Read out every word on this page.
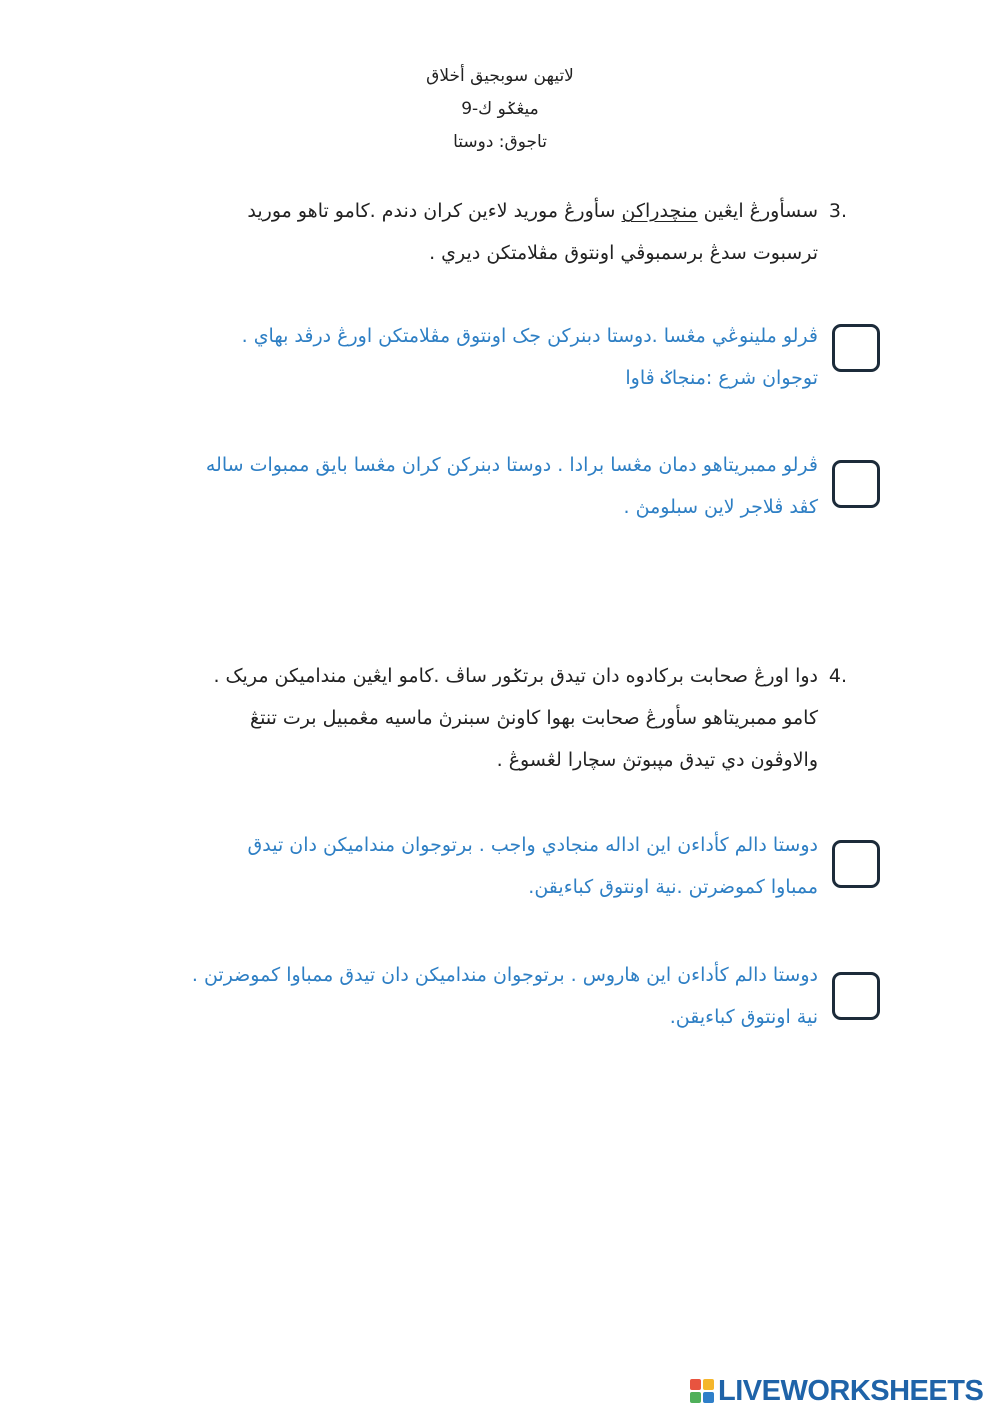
لاتيهن سوبجيق أخلاق
ميڠݢو ك-9
تاجوق: دوستا
3.
سسأورڠ ايڠين منچدراکن سأورڠ موريد لاءين كران دندم .كامو تاهو موريد
ترسبوت سدڠ برسمبوڤي اونتوق مڤلامتكن ديري .
ڤرلو ملينوڠي مڠسا .دوستا دبنركن جک اونتوق مڤلامتكن اورڠ درڤد بهاي .
توجوان شرع :منجاݢ ڤاوا
ڤرلو ممبريتاهو دمان مڠسا برادا . دوستا دبنركن كران مڠسا بايق ممبوات ساله
كڤد ڤلاجر لاين سبلومڽ .
4.
دوا اورڠ صحابت برکادوه دان تيدق برتݢور ساڤ .كامو ايڠين منداميکن مريک .
كامو ممبريتاهو سأورڠ صحابت بهوا كاونڽ سبنرڽ ماسيه مڠمبيل برت تنتڠ
والاوڤون دي تيدق مڽبوتڽ سچارا لڠسوڠ .
دوستا دالم كأداءن اين اداله منجادي واجب . برتوجوان منداميکن دان تيدق
ممباوا كموضرتن .نية اونتوق كباءيقن.
دوستا دالم كأداءن اين هاروس . برتوجوان منداميکن دان تيدق ممباوا كموضرتن .
نية اونتوق كباءيقن.
LIVEWORKSHEETS
